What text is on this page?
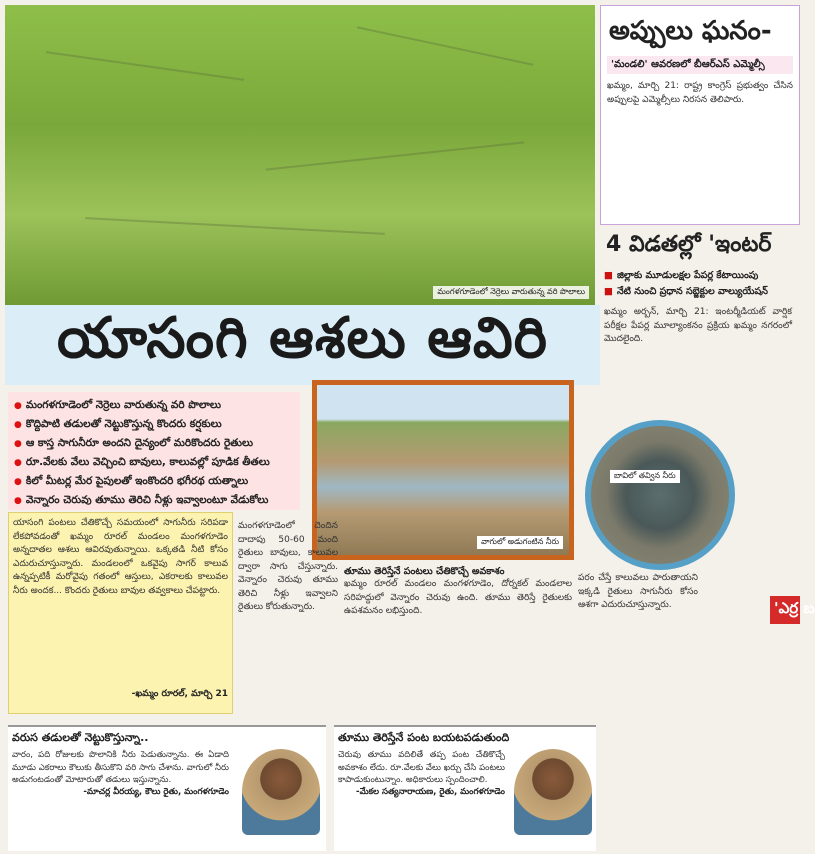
మంగళగూడెంలో నెర్రెలు వారుతున్న వరి పొలాలు
యాసంగి ఆశలు ఆవిరి
● మంగళగూడెంలో నెర్రెలు వారుతున్న వరి పొలాలు
● కొద్దిపాటి తడులతో నెట్టుకొస్తున్న కొందరు కర్షకులు
● ఆ కాస్త సాగునీరూ అందని దైన్యంలో మరికొందరు రైతులు
● రూ.వేలకు వేలు వెచ్చించి బావులు, కాలువల్లో పూడిక తీతలు
● కిలో మీటర్ల మేర పైపులతో ఇంకొందరి భగీరథ యత్నాలు
● వెన్నారం చెరువు తూము తెరిచి నీళ్లు ఇవ్వాలంటూ వేడుకోలు
వాగులో అడుగంటిన నీరు
బావిలో తవ్విన నీరు

యాసంగి పంటలు చేతికొచ్చే సమయంలో సాగునీరు సరిపడా లేకపోవడంతో ఖమ్మం రూరల్ మండలం మంగళగూడెం అన్నదాతల ఆశలు ఆవిరవుతున్నాయి. ఒక్కతడి నీటి కోసం ఎదురుచూస్తున్నారు. మండలంలో ఒకవైపు సాగర్ కాలువ ఉన్నప్పటికీ మరోవైపు గతంలో ఆస్తులు, ఎకరాలకు కాలువల నీరు అందక... కొందరు రైతులు బావుల తవ్వకాలు చేపట్టారు.

-ఖమ్మం రూరల్, మార్చి 21

మంగళగూడెంలో దెందిన దాదాపు 50-60 మంది రైతులు బావులు, కాలువల ద్వారా సాగు చేస్తున్నారు. వెన్నారం చెరువు తూము తెరిచి నీళ్లు ఇవ్వాలని రైతులు కోరుతున్నారు.

తూము తెరిస్తేనే పంటలు చేతికొచ్చే అవకాశం

ఖమ్మం రూరల్ మండలం మంగళగూడెం, దోర్నకల్ మండలాల సరిహద్దులో వెన్నారం చెరువు ఉంది. తూము తెరిస్తే రైతులకు ఉపశమనం లభిస్తుంది.

పరం చేస్తే కాలువలు పారుతాయని ఇక్కడి రైతులు సాగునీరు కోసం ఆశగా ఎదురుచూస్తున్నారు.

వరుస తడులతో నెట్టుకొస్తున్నా..

వారం, పది రోజులకు పొలానికి నీరు పెడుతున్నాను. ఈ ఏడాది మూడు ఎకరాలు కౌలుకు తీసుకొని వరి సాగు చేశాను. వాగులో నీరు అడుగంటడంతో మోటారుతో తడులు ఇస్తున్నాను.

-మాచర్ల వీరయ్య, కౌలు రైతు, మంగళగూడెం

తూము తెరిస్తేనే పంట బయటపడుతుంది

చెరువు తూము వదిలితే తప్ప పంట చేతికొచ్చే అవకాశం లేదు. రూ.వేలకు వేలు ఖర్చు చేసి పంటలు కాపాడుకుంటున్నాం. అధికారులు స్పందించాలి.

-మేకల సత్యనారాయణ, రైతు, మంగళగూడెం

అప్పులు ఘనం-
'మండలి' ఆవరణలో బీఆర్ఎస్ ఎమ్మెల్సీ

ఖమ్మం, మార్చి 21: రాష్ట్ర కాంగ్రెస్ ప్రభుత్వం చేసిన అప్పులపై ఎమ్మెల్సీలు నిరసన తెలిపారు.

4 విడతల్లో 'ఇంటర్
■ జిల్లాకు మూడులక్షల పేపర్ల కేటాయింపు
■ నేటి నుంచి ప్రధాన సబ్జెక్టుల వాల్యుయేషన్

ఖమ్మం అర్బన్, మార్చి 21: ఇంటర్మీడియట్ వార్షిక పరీక్షల పేపర్ల మూల్యాంకనం ప్రక్రియ ఖమ్మం నగరంలో మొదలైంది.

'ఎర్ర బ
